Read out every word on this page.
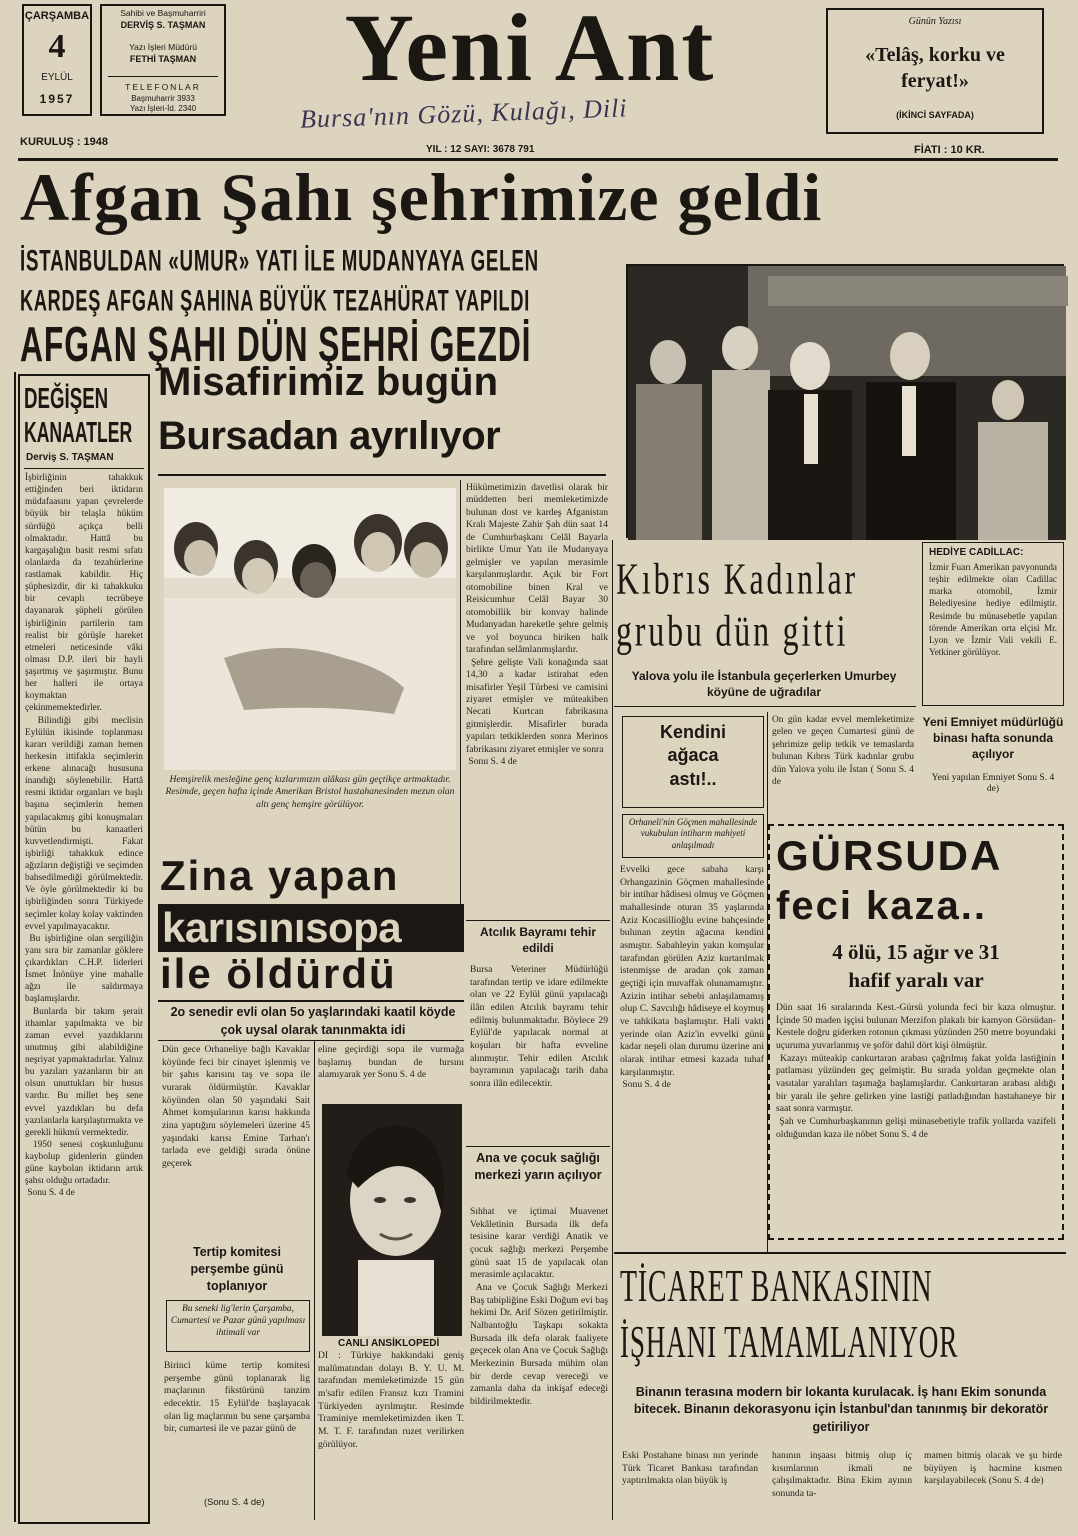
ÇARŞAMBA
4
EYLÜL
1957
Sahibi ve Başmuharriri
DERVİŞ S. TAŞMAN
Yazı İşleri Müdürü
FETHİ TAŞMAN
TELEFONLAR
Başmuharrir 3933
Yazı İşleri-İd. 2340
Yeni Ant
Bursa'nın Gözü, Kulağı, Dili
Günün Yazısı
«Telâş, korku ve feryat!»
(İKİNCİ SAYFADA)
KURULUŞ : 1948
YIL : 12 SAYI: 3678 791	FİATI : 10 KR.
Afgan Şahı şehrimize geldi
İSTANBULDAN «UMUR» YATI İLE MUDANYAYA GELEN
KARDEŞ AFGAN ŞAHINA BÜYÜK TEZAHÜRAT YAPILDI
AFGAN ŞAHI DÜN ŞEHRİ GEZDİ
DEĞİŞEN
KANAATLER
Derviş S. TAŞMAN
İşbirliğinin tahakkuk ettiğinden beri iktidarın müdafaasını yapan çevrelerde büyük bir telaşla hüküm sürdüğü açıkça belli olmaktadır. Hattâ bu kargaşalığın basit resmi sıfatı olanlarda da tezahürlerine rastlamak kabildir. Hiç şüphesizdir, dir ki tahakkuku bir cevaplı tecrübeye dayanarak şüpheli görülen işbirliğinin partilerin tam realist bir görüşle hareket etmeleri neticesinde vâki olması D.P. ileri bir hayli şaşırtmış ve şaşırmıştır. Bunu her halleri ile ortaya koymaktan çekinmemektedirler.
Bilindiği gibi meclisin Eylülün ikisinde toplanması kararı verildiği zaman hemen herkesin ittifakla seçimlerin erkene alınacağı hususuna inandığı söylenebilir. Hattâ resmi iktidar organları ve başlı başına seçimlerin hemen yapılacakmış gibi konuşmaları bütün bu kanaatleri kuvvetlendirmişti. Fakat işbirliği tahakkuk edince ağızların değiştiği ve seçimden bahsedilmediği görülmektedir. Ve öyle görülmektedir ki bu işbirliğinden sonra Türkiyede seçimler kolay kolay vaktinden evvel yapılmayacaktır.
Bu işbirliğine olan sergiliğin yanı sıra bir zamanlar göklere çıkardıkları C.H.P. liderleri İsmet İnönüye yine mahalle ağzı ile saldırmaya başlamışlardır.
Bunlarda bir takım şerait ithamlar yapılmakta ve bir zaman evvel yazdıklarını unutmuş gibi alabildiğine neşriyat yapmaktadırlar. Yalnız bu yazıları yazanların bir an olsun unuttukları bir husus vardır. Bu millet beş sene evvel yazdıkları bu defa yazılanlarla karşılaştırmakta ve gerekli hükmü vermektedir.
1950 senesi coşkunluğunu kaybolup gidenlerin günden güne kaybolan iktidarın artık şahsı olduğu ortadadır.
Sonu S. 4 de
Misafirimiz bugün
Bursadan ayrılıyor
Hemşirelik mesleğine genç kızlarımızın alâkası gün geçtikçe artmaktadır. Resimde, geçen hafta içinde Amerikan Bristol hastahanesinden mezun olan altı genç hemşire görülüyor.
Hükümetimizin davetlisi olarak bir müddetten beri memleketimizde bulunan dost ve kardeş Afganistan Kralı Majeste Zahir Şah dün saat 14 de Cumhurbaşkanı Celâl Bayarla birlikte Umur Yatı ile Mudanyaya gelmişler ve yapılan merasimle karşılanmışlardır. Açık bir Fort otomobiline binen Kral ve Reisicumhur Celâl Bayar 30 otomobillik bir konvay halinde Mudanyadan hareketle şehre gelmiş ve yol boyunca biriken halk tarafından selâmlanmışlardır.
Şehre gelişte Vali konağında saat 14,30 a kadar istirahat eden misafirler Yeşil Türbesi ve camisini ziyaret etmişler ve müteakiben Necati Kurtcan fabrikasına gitmişlerdir. Misafirler burada yapıları tetkiklerden sonra Merinos fabrikasını ziyaret etmişler ve sonra
Sonu S. 4 de
Zina yapan
karısınısopa
ile öldürdü
2o senedir evli olan 5o yaşlarındaki kaatil köyde çok uysal olarak tanınmakta idi
Dün gece Orhaneliye bağlı Kavaklar köyünde feci bir cinayet işlenmiş ve bir şahıs karısını taş ve sopa ile vurarak öldürmüştür. Kavaklar köyünden olan 50 yaşındaki Sait Ahmet komşularının karısı hakkında zina yaptığını söylemeleri üzerine 45 yaşındaki karısı Emine Tarhan'ı tarlada eve geldiği sırada önüne geçerek
eline geçirdiği sopa ile vurmağa başlamış bundan de hırsını alamıyarak yer Sonu S. 4 de
CANLI ANSİKLOPEDİ
DI : Türkiye hakkındaki geniş malûmatından dolayı B. Y. U. M. tarafından memleketimizde 15 gün m'safir edilen Fransız kızı Tramini Türkiyeden ayrılmıştır. Resimde Traminiye memleketimizden iken T. M. T. F. tarafından ruzet verilirken görülüyor.
Tertip komitesi perşembe günü toplanıyor
Bu seneki lig'lerin Çarşamba, Cumartesi ve Pazar günü yapılması ihtimali var
Birinci küme tertip komitesi perşembe günü toplanarak lig maçlarının fikstürünü tanzim edecektir. 15 Eylül'de başlayacak olan lig maçlarının bu sene çarşamba bir, cumartesi ile ve pazar günü de
(Sonu S. 4 de)
Atcılık Bayramı tehir edildi
Bursa Veteriner Müdürlüğü tarafından tertip ve idare edilmekte olan ve 22 Eylül günü yapılacağı ilân edilen Atcılık bayramı tehir edilmiş bulunmaktadır. Böylece 29 Eylül'de yapılacak normal at koşuları bir hafta evveline alınmıştır. Tehir edilen Atcılık bayramının yapılacağı tarih daha sonra ilân edilecektir.
Ana ve çocuk sağlığı merkezi yarın açılıyor
Sıhhat ve içtimai Muavenet Vekâletinin Bursada ilk defa tesisine karar verdiği Anatik ve çocuk sağlığı merkezi Perşembe günü saat 15 de yapılacak olan merasimle açılacaktır.
Ana ve Çocuk Sağlığı Merkezi Baş tabipliğine Eski Doğum evi baş hekimi Dr. Arif Sözen getirilmiştir. Nalbantoğlu Taşkapı sokakta Bursada ilk defa olarak faaliyete geçecek olan Ana ve Çocuk Sağlığı Merkezinin Bursada mühim olan bir derde cevap vereceği ve zamanla daha da inkişaf edeceği bildirilmektedir.
Kıbrıs Kadınlar
grubu dün gitti
Yalova yolu ile İstanbula geçerlerken Umurbey köyüne de uğradılar
On gün kadar evvel memleketimize gelen ve geçen Cumartesi günü de şehrimize gelip tetkik ve temaslarda bulunan Kıbrıs Türk kadınlar grubu dün Yalova yolu ile İstan ( Sonu S. 4 de
HEDİYE CADİLLAC:
İzmir Fuarı Amerikan pavyonunda teşhir edilmekte olan Cadillac marka otomobil, İzmir Belediyesine hediye edilmiştir. Resimde bu münasebetle yapılan törende Amerikan orta elçisi Mr. Lyon ve İzmir Vali vekili E. Yetkiner görülüyor.
Yeni Emniyet müdürlüğü binası hafta sonunda açılıyor
Yeni yapılan Emniyet Sonu S. 4 de)
Kendini ağaca astı!..
Orhaneli'nin Göçmen mahallesinde vukubulan intiharın mahiyeti anlaşılmadı
Evvelki gece sabaha karşı Orhangazinin Göçmen mahallesinde bir intihar hâdisesi olmuş ve Göçmen mahallesinde oturan 35 yaşlarında Aziz Kocasillioğlu evine bahçesinde bulunan zeytin ağacına kendini asmıştır. Sabahleyin yakın komşular tarafından görülen Aziz kurtarılmak istenmişse de aradan çok zaman geçtiği için muvaffak olunamamıştır. Azizin intihar sebebi anlaşılamamış olup C. Savcılığı hâdiseye el koymuş ve tahkikata başlamıştır. Hali vakti yerinde olan Aziz'in evvelki günü kadar neşeli olan durumu üzerine ani olarak intihar etmesi kazada tuhaf karşılanmıştır.
Sonu S. 4 de
GÜRSUDA
feci kaza..
4 ölü, 15 ağır ve 31
hafif yaralı var
Dün saat 16 sıralarında Kest.-Gürsü yolunda feci bir kaza olmuştur. İçinde 50 maden işçisi bulunan Merzifon plakalı bir kamyon Görsüdan-Kestele doğru giderken rotonun çıkması yüzünden 250 metre boyundaki uçuruma yuvarlanmış ve şoför dahil dört kişi ölmüştür.
Kazayı müteakip cankurtaran arabası çağrılmış fakat yolda lastiğinin patlaması yüzünden geç gelmiştir. Bu sırada yoldan geçmekte olan vasıtalar yaralıları taşımağa başlamışlardır. Cankurtaran arabası aldığı bir yaralı ile şehre gelirken yine lastiği patladığından hastahaneye bir saat sonra varmıştır.
Şah ve Cumhurbaşkanının gelişi münasebetiyle trafik yollarda vazifeli olduğundan kaza ile nöbet Sonu S. 4 de
TİCARET BANKASININ
İŞHANI TAMAMLANIYOR
Binanın terasına modern bir lokanta kurulacak. İş hanı Ekim sonunda bitecek. Binanın dekorasyonu için İstanbul'dan tanınmış bir dekoratör getiriliyor
Eski Postahane binası nın yerinde Türk Ticaret Bankası tarafından yaptırılmakta olan büyük iş
hanının inşaası bitmiş olup iç kısımlarının ikmali ne çalışılmaktadır. Bina Ekim ayının sonunda ta-
mamen bitmiş olacak ve şu birde büyüyen iş hacmine kısmen karşılayabilecek (Sonu S. 4 de)
